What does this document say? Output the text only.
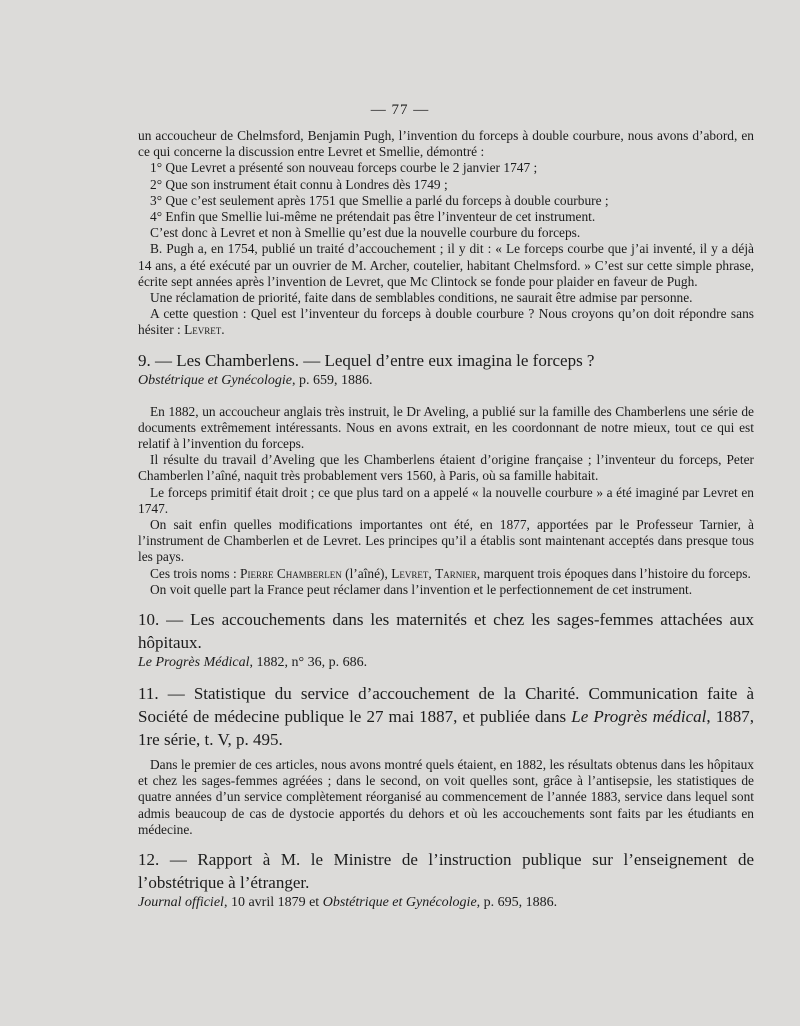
— 77 —

un accoucheur de Chelmsford, Benjamin Pugh, l’invention du forceps à double courbure, nous avons d’abord, en ce qui concerne la discussion entre Levret et Smellie, démontré :

1° Que Levret a présenté son nouveau forceps courbe le 2 janvier 1747 ;

2° Que son instrument était connu à Londres dès 1749 ;

3° Que c’est seulement après 1751 que Smellie a parlé du forceps à double courbure ;

4° Enfin que Smellie lui-même ne prétendait pas être l’inventeur de cet instrument.

C’est donc à Levret et non à Smellie qu’est due la nouvelle courbure du forceps.

B. Pugh a, en 1754, publié un traité d’accouchement ; il y dit : « Le forceps courbe que j’ai inventé, il y a déjà 14 ans, a été exécuté par un ouvrier de M. Archer, coutelier, habitant Chelmsford. » C’est sur cette simple phrase, écrite sept années après l’invention de Levret, que Mc Clintock se fonde pour plaider en faveur de Pugh.

Une réclamation de priorité, faite dans de semblables conditions, ne saurait être admise par personne.

A cette question : Quel est l’inventeur du forceps à double courbure ? Nous croyons qu’on doit répondre sans hésiter : Levret.

9. — Les Chamberlens. — Lequel d’entre eux imagina le forceps ?

Obstétrique et Gynécologie, p. 659, 1886.

En 1882, un accoucheur anglais très instruit, le Dr Aveling, a publié sur la famille des Chamberlens une série de documents extrêmement intéressants. Nous en avons extrait, en les coordonnant de notre mieux, tout ce qui est relatif à l’invention du forceps.

Il résulte du travail d’Aveling que les Chamberlens étaient d’origine française ; l’inventeur du forceps, Peter Chamberlen l’aîné, naquit très probablement vers 1560, à Paris, où sa famille habitait.

Le forceps primitif était droit ; ce que plus tard on a appelé « la nouvelle courbure » a été imaginé par Levret en 1747.

On sait enfin quelles modifications importantes ont été, en 1877, apportées par le Professeur Tarnier, à l’instrument de Chamberlen et de Levret. Les principes qu’il a établis sont maintenant acceptés dans presque tous les pays.

Ces trois noms : Pierre Chamberlen (l’aîné), Levret, Tarnier, marquent trois époques dans l’histoire du forceps.

On voit quelle part la France peut réclamer dans l’invention et le perfectionnement de cet instrument.

10. — Les accouchements dans les maternités et chez les sages-femmes attachées aux hôpitaux.

Le Progrès Médical, 1882, n° 36, p. 686.

11. — Statistique du service d’accouchement de la Charité. Communication faite à Société de médecine publique le 27 mai 1887, et publiée dans Le Progrès médical, 1887, 1re série, t. V, p. 495.

Dans le premier de ces articles, nous avons montré quels étaient, en 1882, les résultats obtenus dans les hôpitaux et chez les sages-femmes agréées ; dans le second, on voit quelles sont, grâce à l’antisepsie, les statistiques de quatre années d’un service complètement réorganisé au commencement de l’année 1883, service dans lequel sont admis beaucoup de cas de dystocie apportés du dehors et où les accouchements sont faits par les étudiants en médecine.

12. — Rapport à M. le Ministre de l’instruction publique sur l’enseignement de l’obstétrique à l’étranger.

Journal officiel, 10 avril 1879 et Obstétrique et Gynécologie, p. 695, 1886.
